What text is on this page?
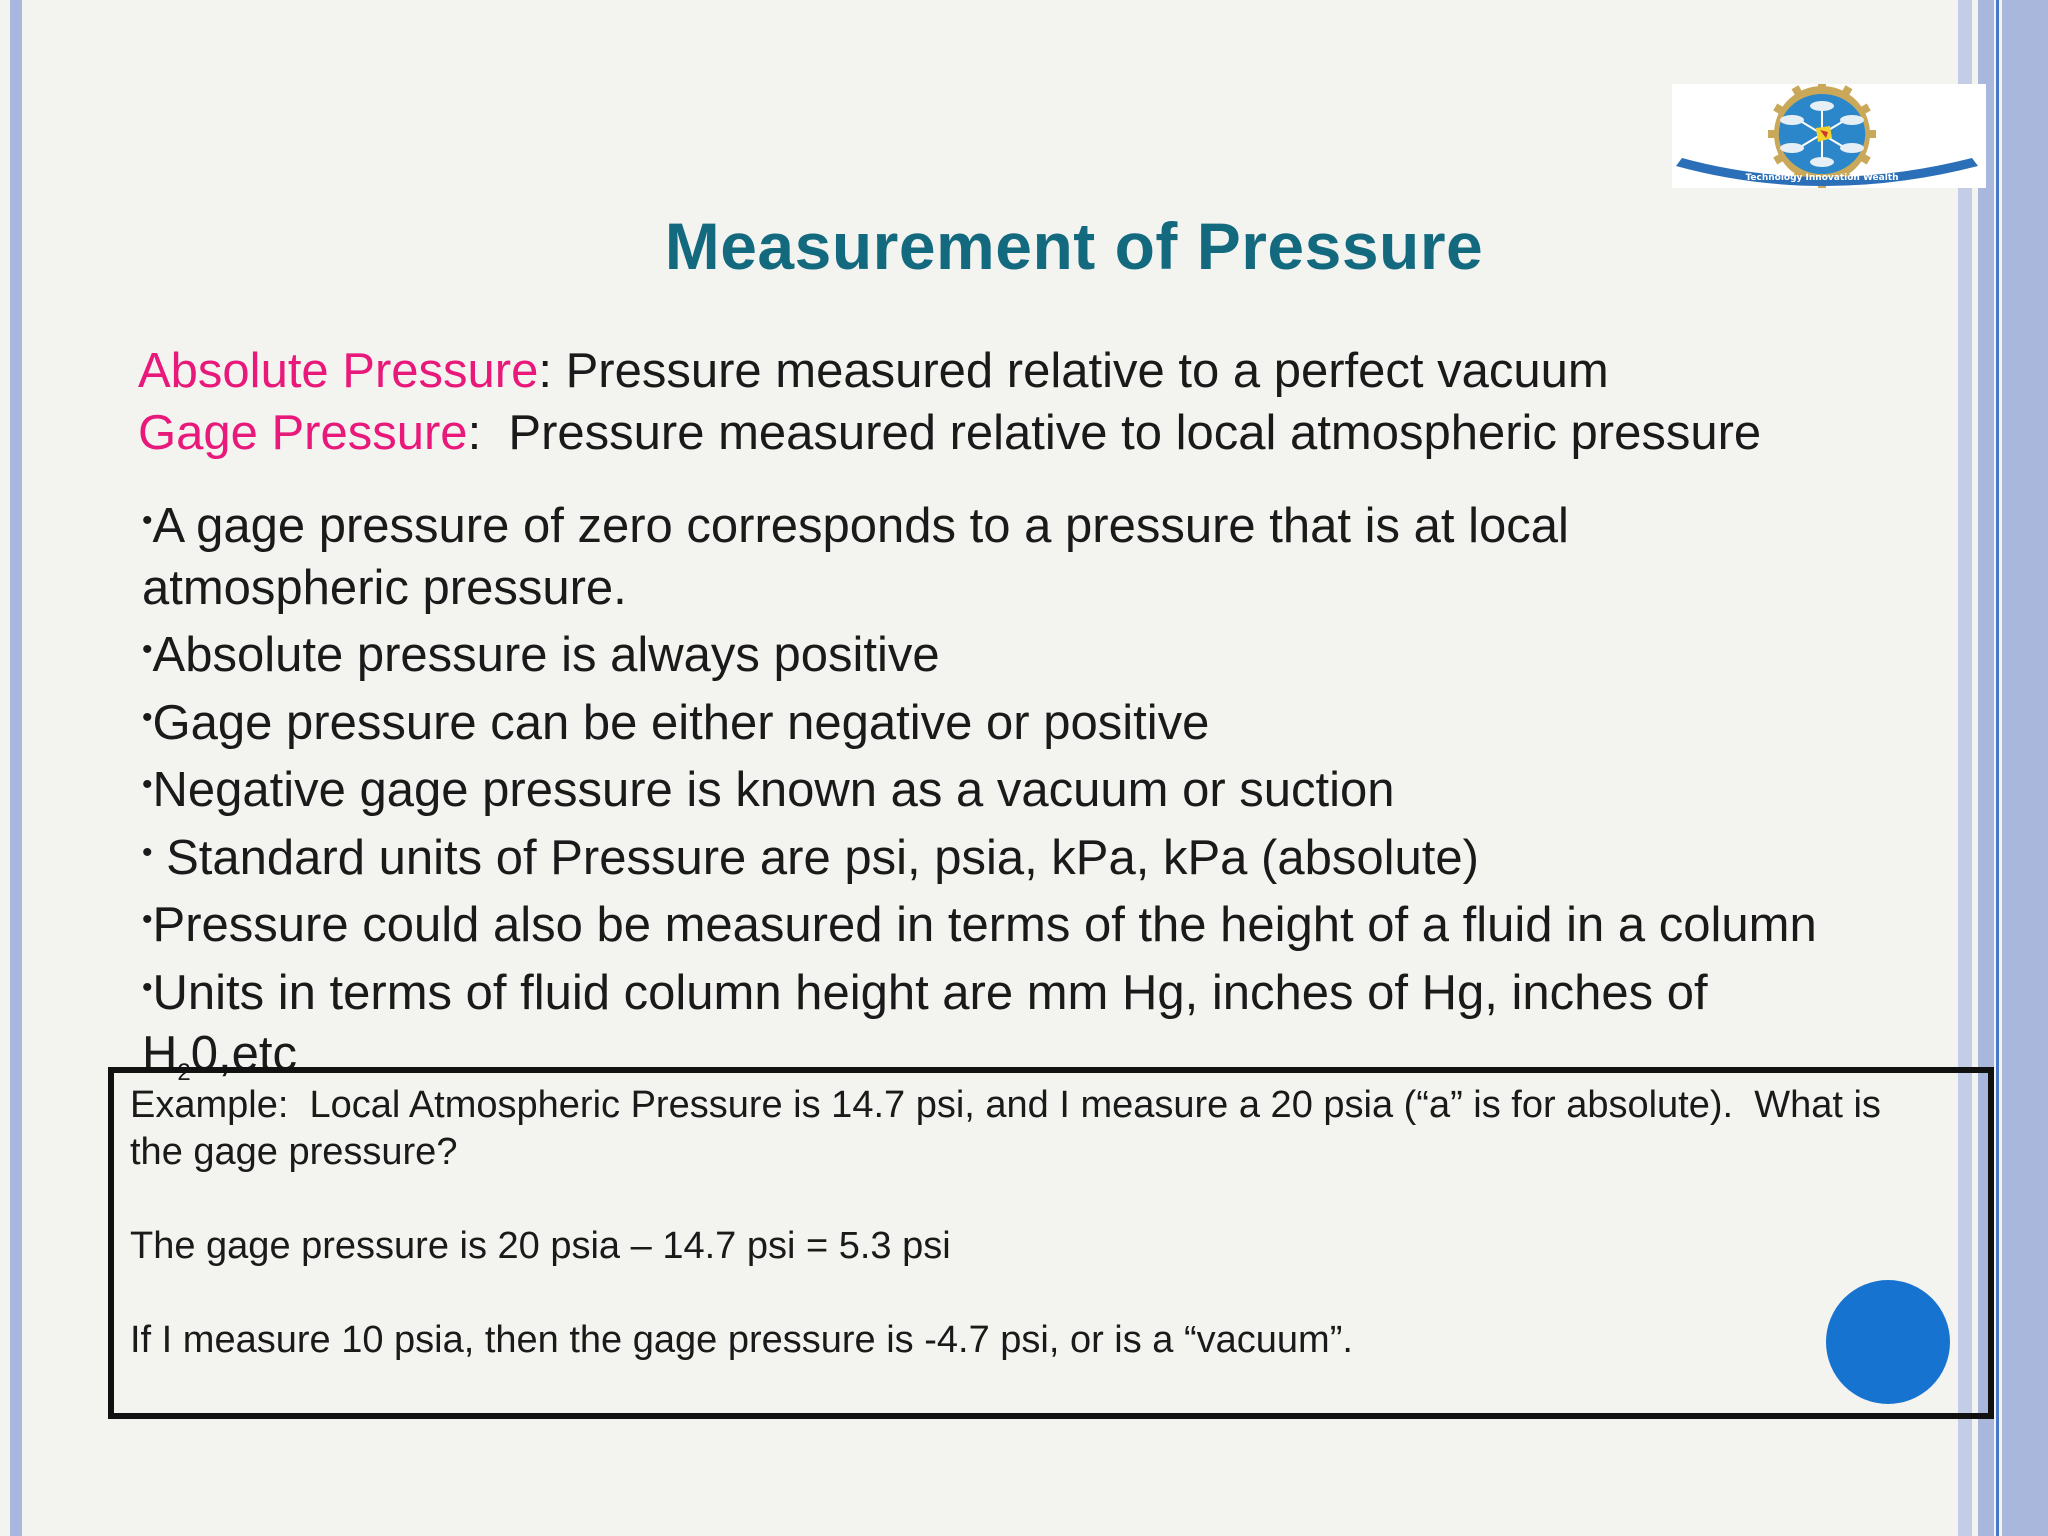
Technology Innovation Wealth
Measurement of Pressure
Absolute Pressure: Pressure measured relative to a perfect vacuum
Gage Pressure:  Pressure measured relative to local atmospheric pressure
•A gage pressure of zero corresponds to a pressure that is at local
atmospheric pressure.
•Absolute pressure is always positive
•Gage pressure can be either negative or positive
•Negative gage pressure is known as a vacuum or suction
• Standard units of Pressure are psi, psia, kPa, kPa (absolute)
•Pressure could also be measured in terms of the height of a fluid in a column
•Units in terms of fluid column height are mm Hg, inches of Hg, inches of
$H_20,etc$

Example:  Local Atmospheric Pressure is 14.7 psi, and I measure a 20 psia (“a” is for absolute).  What is

the gage pressure?

The gage pressure is 20 psia – 14.7 psi = 5.3 psi

If I measure 10 psia, then the gage pressure is -4.7 psi, or is a “vacuum”.
